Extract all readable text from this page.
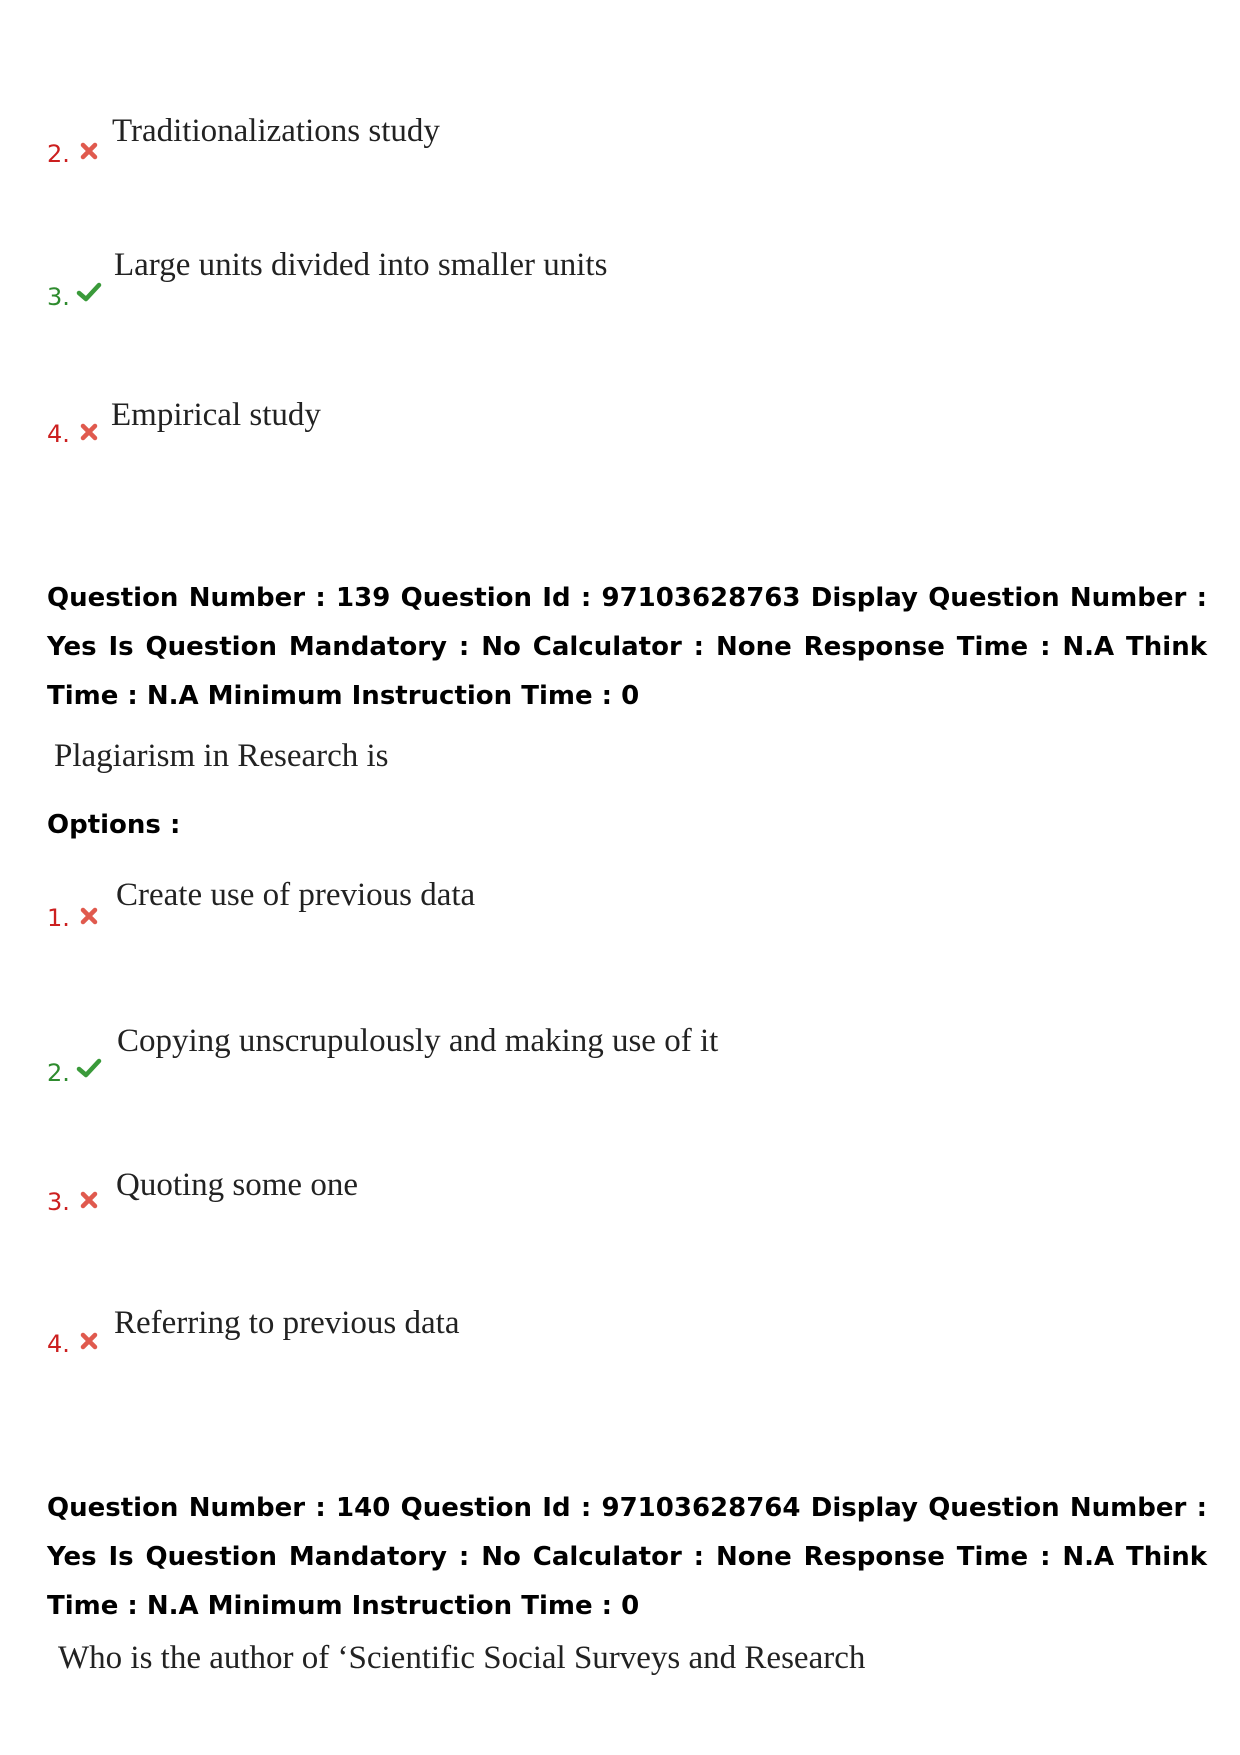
2.
Traditionalizations study
3.
Large units divided into smaller units
4.
Empirical study
Question Number : 139 Question Id : 97103628763 Display Question Number : Yes Is Question Mandatory : No Calculator : None Response Time : N.A Think Time : N.A Minimum Instruction Time : 0
Plagiarism in Research is
Options :
1.
Create use of previous data
2.
Copying unscrupulously and making use of it
3. Quoting some one
4.
Referring to previous data
Question Number : 140 Question Id : 97103628764 Display Question Number : Yes Is Question Mandatory : No Calculator : None Response Time : N.A Think Time : N.A Minimum Instruction Time : 0
Who is the author of ‘Scientific Social Surveys and Research
